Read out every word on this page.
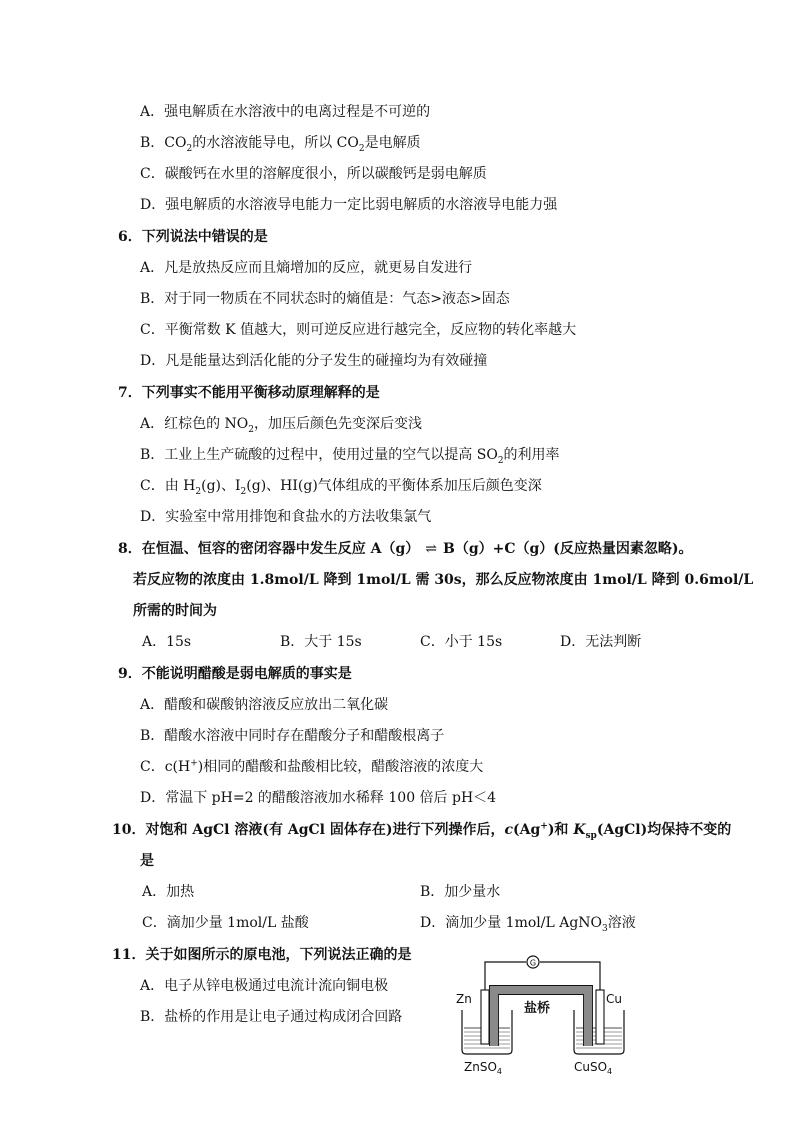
A．强电解质在水溶液中的电离过程是不可逆的
B．$CO_2$的水溶液能导电，所以 $CO_2$是电解质
C．碳酸钙在水里的溶解度很小，所以碳酸钙是弱电解质
D．强电解质的水溶液导电能力一定比弱电解质的水溶液导电能力强
6．下列说法中错误的是
A．凡是放热反应而且熵增加的反应，就更易自发进行
B．对于同一物质在不同状态时的熵值是：气态>液态>固态
C．平衡常数 K 值越大，则可逆反应进行越完全，反应物的转化率越大
D．凡是能量达到活化能的分子发生的碰撞均为有效碰撞
7．下列事实不能用平衡移动原理解释的是
A．红棕色的 $NO_2$，加压后颜色先变深后变浅
B．工业上生产硫酸的过程中，使用过量的空气以提高 $SO_2$的利用率
C．由 $H_2(g)$、$I_2(g)$、HI(g)气体组成的平衡体系加压后颜色变深
D．实验室中常用排饱和食盐水的方法收集氯气
8．在恒温、恒容的密闭容器中发生反应 A（g） ⇌ B（g）+C（g）(反应热量因素忽略)。
若反应物的浓度由 1.8mol/L 降到 1mol/L 需 30s，那么反应物浓度由 1mol/L 降到 0.6mol/L
所需的时间为
A．15s	B．大于 15s	C．小于 15s	D．无法判断
9．不能说明醋酸是弱电解质的事实是
A．醋酸和碳酸钠溶液反应放出二氧化碳
B．醋酸水溶液中同时存在醋酸分子和醋酸根离子
C．c(H+)相同的醋酸和盐酸相比较，醋酸溶液的浓度大
D．常温下 pH=2 的醋酸溶液加水稀释 100 倍后 pH＜4
10．对饱和 AgCl 溶液(有 AgCl 固体存在)进行下列操作后，c(Ag+)和 $K_{sp}(AgCl)$均保持不变的
是
A．加热	B．加少量水
C．滴加少量 1mol/L 盐酸	D．滴加少量 1mol/L AgNO$_3$溶液
11．关于如图所示的原电池，下列说法正确的是
A．电子从锌电极通过电流计流向铜电极
B．盐桥的作用是让电子通过构成闭合回路
G
Zn	Cu
盐桥
ZnSO$_4$	CuSO$_4$
